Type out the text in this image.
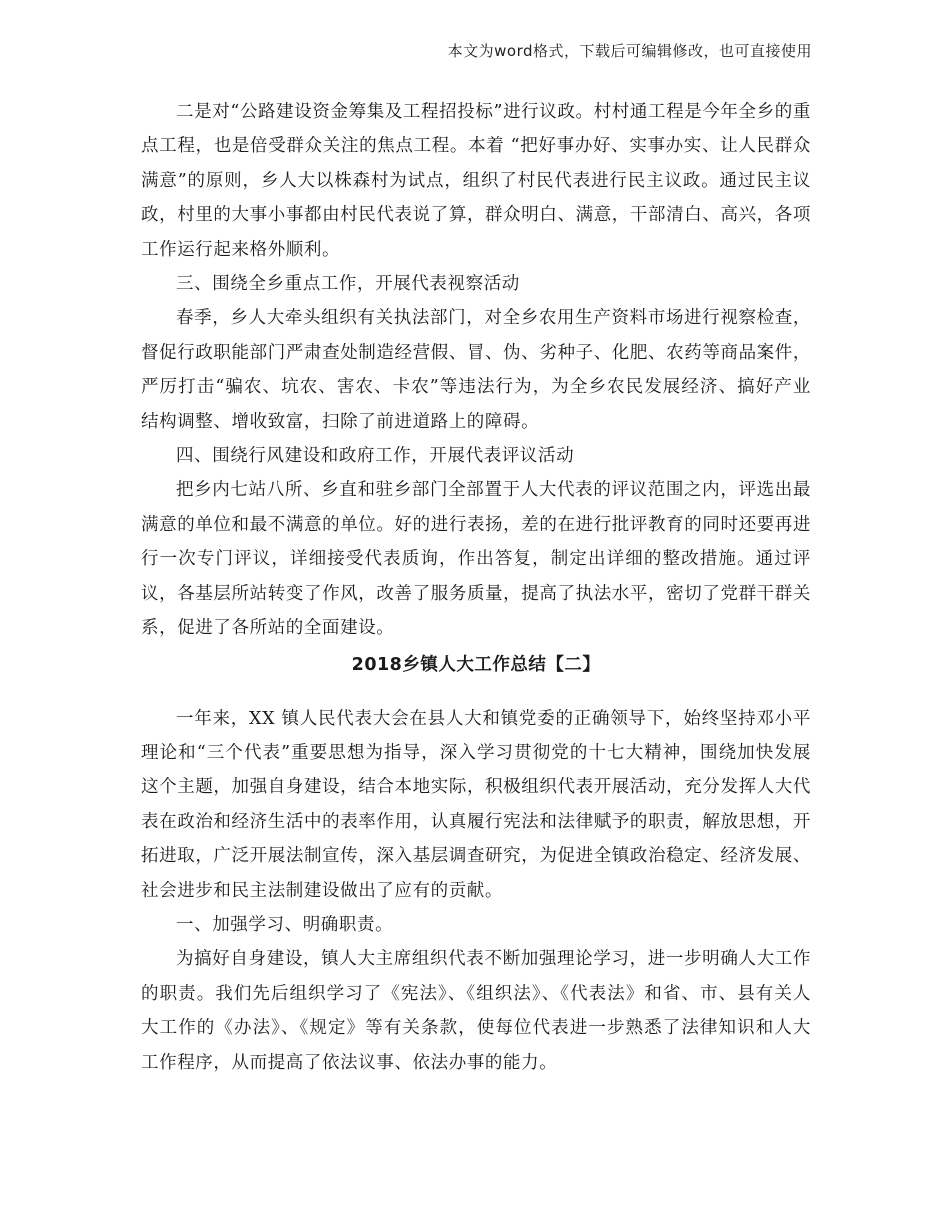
本文为word格式，下载后可编辑修改，也可直接使用

二是对“公路建设资金筹集及工程招投标”进行议政。村村通工程是今年全乡的重点工程，也是倍受群众关注的焦点工程。本着 “把好事办好、实事办实、让人民群众满意”的原则，乡人大以株森村为试点，组织了村民代表进行民主议政。通过民主议政，村里的大事小事都由村民代表说了算，群众明白、满意，干部清白、高兴，各项工作运行起来格外顺利。

三、围绕全乡重点工作，开展代表视察活动

春季，乡人大牵头组织有关执法部门，对全乡农用生产资料市场进行视察检查，督促行政职能部门严肃查处制造经营假、冒、伪、劣种子、化肥、农药等商品案件，严厉打击“骗农、坑农、害农、卡农”等违法行为，为全乡农民发展经济、搞好产业结构调整、增收致富，扫除了前进道路上的障碍。

四、围绕行风建设和政府工作，开展代表评议活动

把乡内七站八所、乡直和驻乡部门全部置于人大代表的评议范围之内，评选出最满意的单位和最不满意的单位。好的进行表扬，差的在进行批评教育的同时还要再进行一次专门评议，详细接受代表质询，作出答复，制定出详细的整改措施。通过评议，各基层所站转变了作风，改善了服务质量，提高了执法水平，密切了党群干群关系，促进了各所站的全面建设。

2018乡镇人大工作总结【二】

一年来，XX 镇人民代表大会在县人大和镇党委的正确领导下，始终坚持邓小平理论和“三个代表”重要思想为指导，深入学习贯彻党的十七大精神，围绕加快发展这个主题，加强自身建设，结合本地实际，积极组织代表开展活动，充分发挥人大代表在政治和经济生活中的表率作用，认真履行宪法和法律赋予的职责，解放思想，开拓进取，广泛开展法制宣传，深入基层调查研究，为促进全镇政治稳定、经济发展、社会进步和民主法制建设做出了应有的贡献。

一、加强学习、明确职责。

为搞好自身建设，镇人大主席组织代表不断加强理论学习，进一步明确人大工作的职责。我们先后组织学习了《宪法》、《组织法》、《代表法》和省、市、县有关人大工作的《办法》、《规定》等有关条款，使每位代表进一步熟悉了法律知识和人大工作程序，从而提高了依法议事、依法办事的能力。
